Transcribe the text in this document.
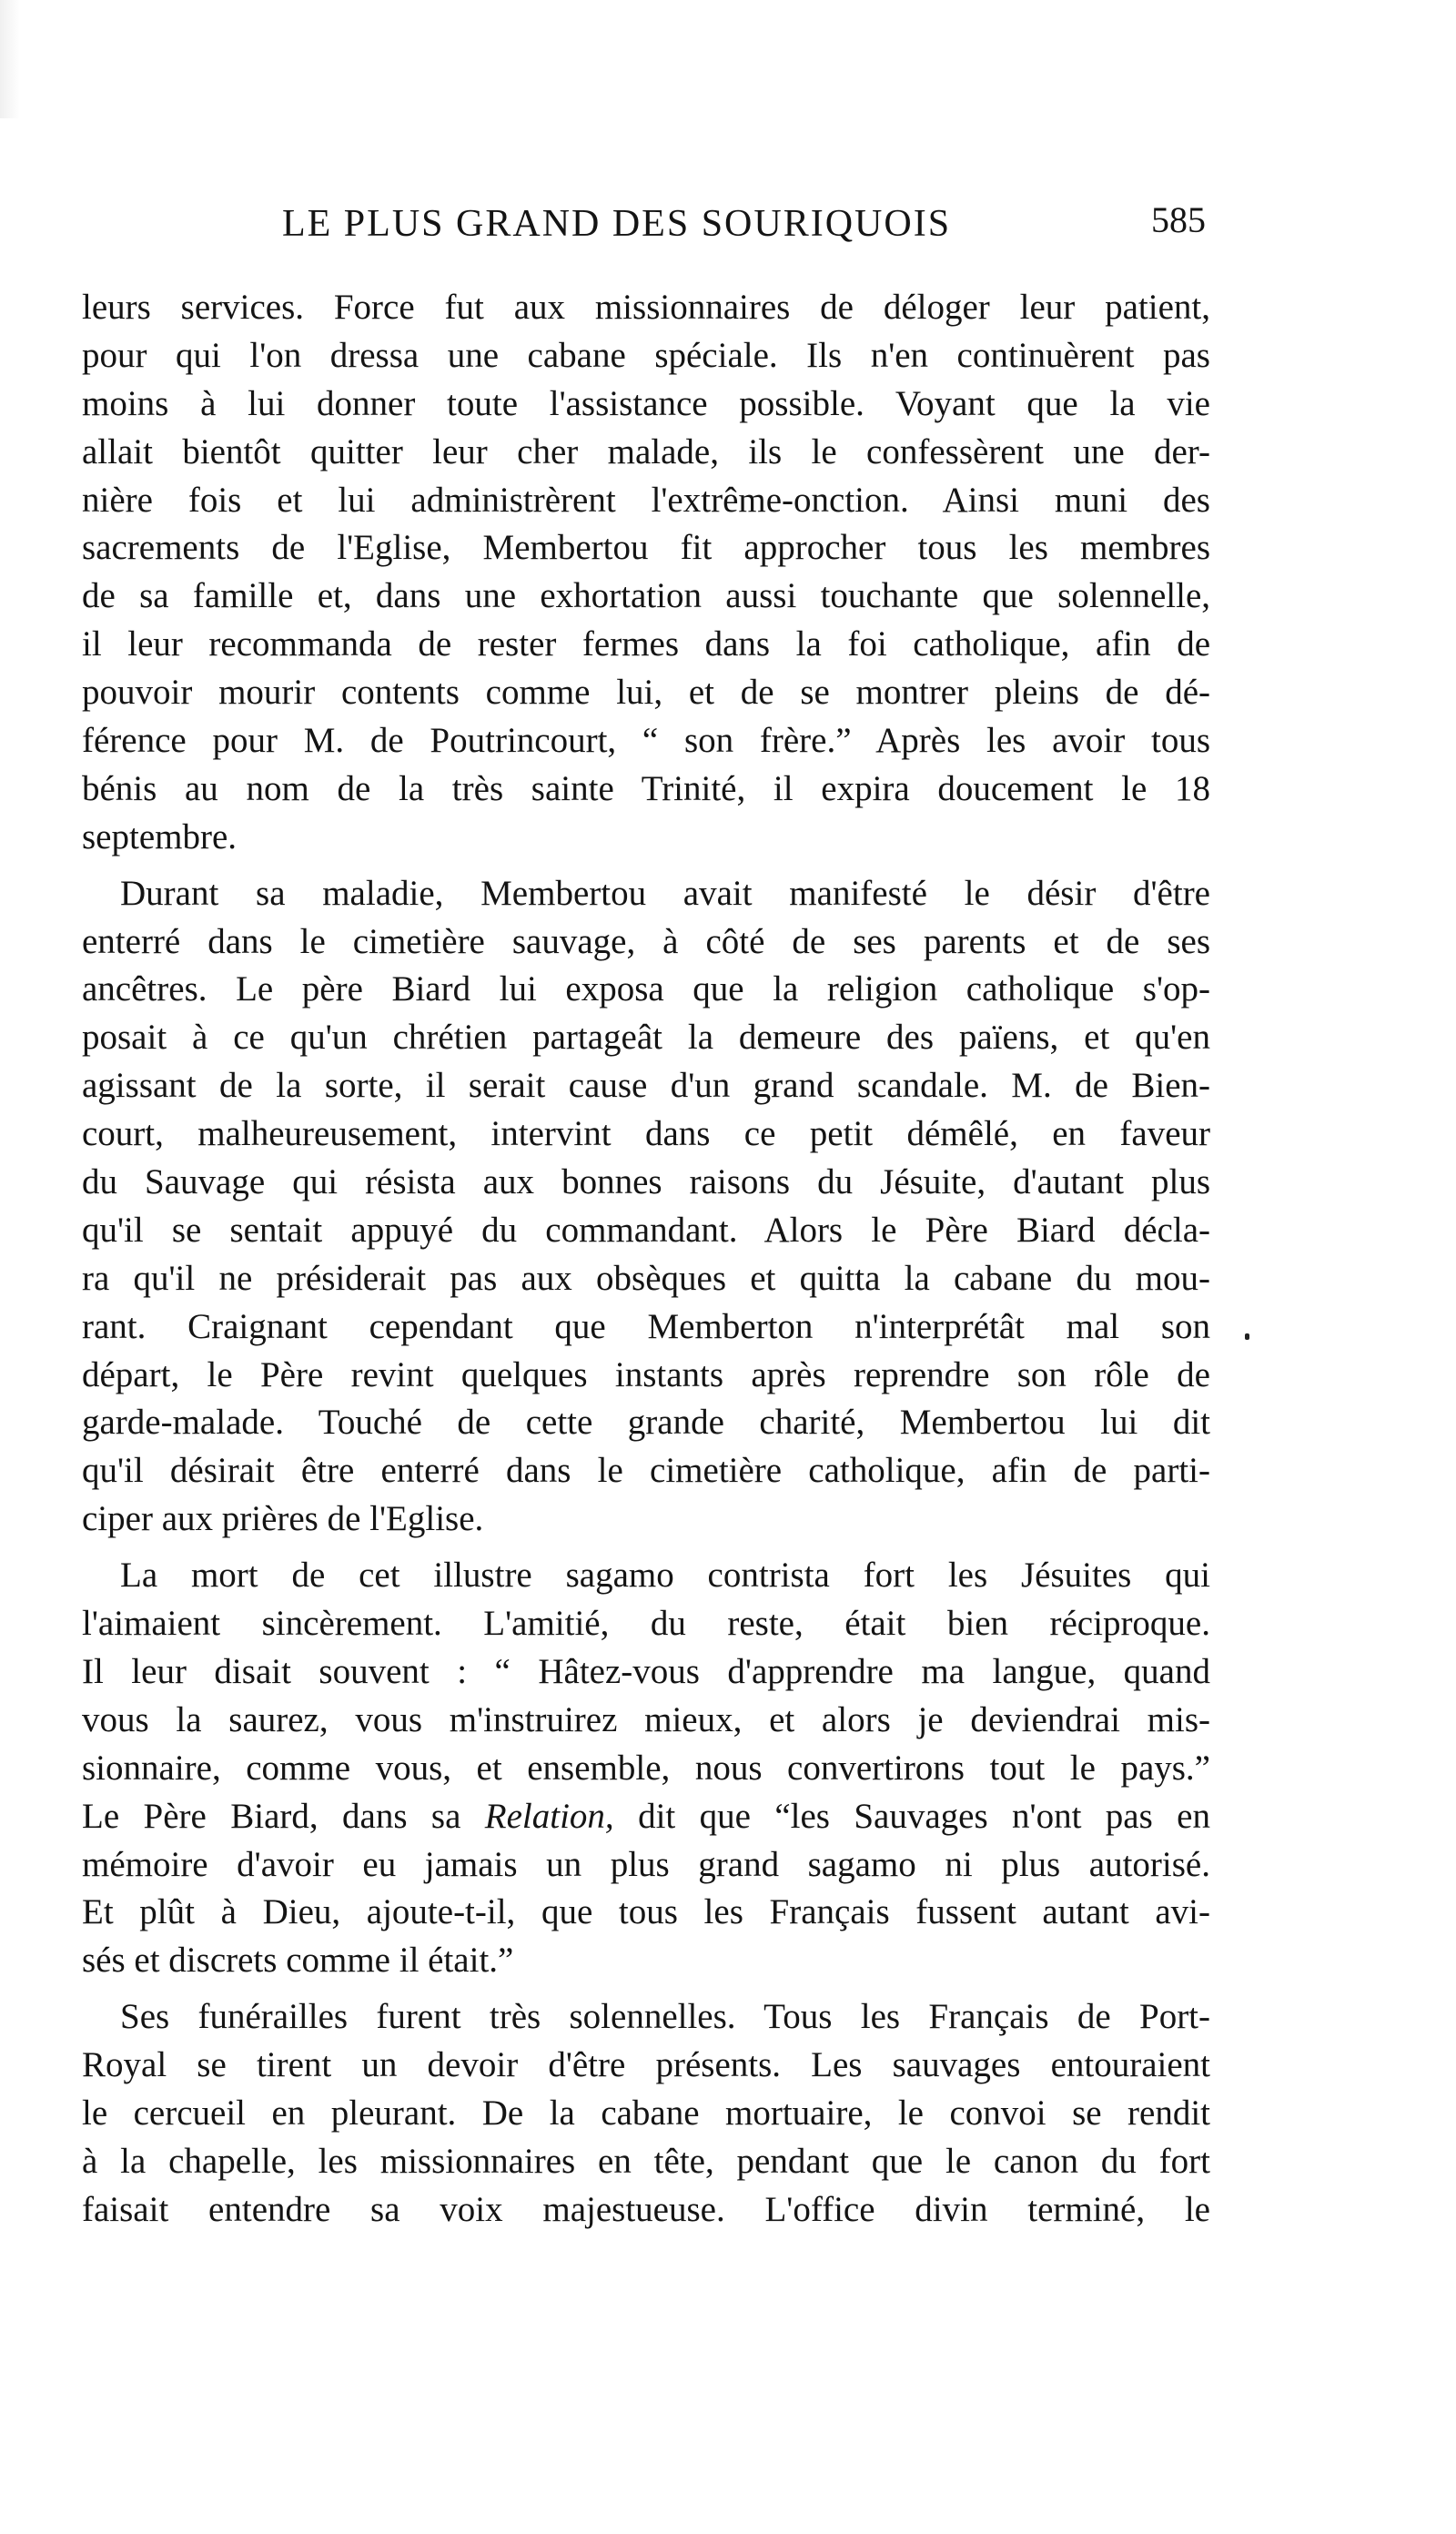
LE PLUS GRAND DES SOURIQUOIS	585
leurs services. Force fut aux missionnaires de déloger leur patient,
pour qui l'on dressa une cabane spéciale. Ils n'en continuèrent pas
moins à lui donner toute l'assistance possible. Voyant que la vie
allait bientôt quitter leur cher malade, ils le confessèrent une der-
nière fois et lui administrèrent l'extrême-onction. Ainsi muni des
sacrements de l'Eglise, Membertou fit approcher tous les membres
de sa famille et, dans une exhortation aussi touchante que solennelle,
il leur recommanda de rester fermes dans la foi catholique, afin de
pouvoir mourir contents comme lui, et de se montrer pleins de dé-
férence pour M. de Poutrincourt, “ son frère.” Après les avoir tous
bénis au nom de la très sainte Trinité, il expira doucement le 18
septembre.
Durant sa maladie, Membertou avait manifesté le désir d'être
enterré dans le cimetière sauvage, à côté de ses parents et de ses
ancêtres. Le père Biard lui exposa que la religion catholique s'op-
posait à ce qu'un chrétien partageât la demeure des païens, et qu'en
agissant de la sorte, il serait cause d'un grand scandale. M. de Bien-
court, malheureusement, intervint dans ce petit démêlé, en faveur
du Sauvage qui résista aux bonnes raisons du Jésuite, d'autant plus
qu'il se sentait appuyé du commandant. Alors le Père Biard décla-
ra qu'il ne présiderait pas aux obsèques et quitta la cabane du mou-
rant. Craignant cependant que Memberton n'interprétât mal son
départ, le Père revint quelques instants après reprendre son rôle de
garde-malade. Touché de cette grande charité, Membertou lui dit
qu'il désirait être enterré dans le cimetière catholique, afin de parti-
ciper aux prières de l'Eglise.
La mort de cet illustre sagamo contrista fort les Jésuites qui
l'aimaient sincèrement. L'amitié, du reste, était bien réciproque.
Il leur disait souvent : “ Hâtez-vous d'apprendre ma langue, quand
vous la saurez, vous m'instruirez mieux, et alors je deviendrai mis-
sionnaire, comme vous, et ensemble, nous convertirons tout le pays.”
Le Père Biard, dans sa Relation, dit que “les Sauvages n'ont pas en
mémoire d'avoir eu jamais un plus grand sagamo ni plus autorisé.
Et plût à Dieu, ajoute-t-il, que tous les Français fussent autant avi-
sés et discrets comme il était.”
Ses funérailles furent très solennelles. Tous les Français de Port-
Royal se tirent un devoir d'être présents. Les sauvages entouraient
le cercueil en pleurant. De la cabane mortuaire, le convoi se rendit
à la chapelle, les missionnaires en tête, pendant que le canon du fort
faisait entendre sa voix majestueuse. L'office divin terminé, le
